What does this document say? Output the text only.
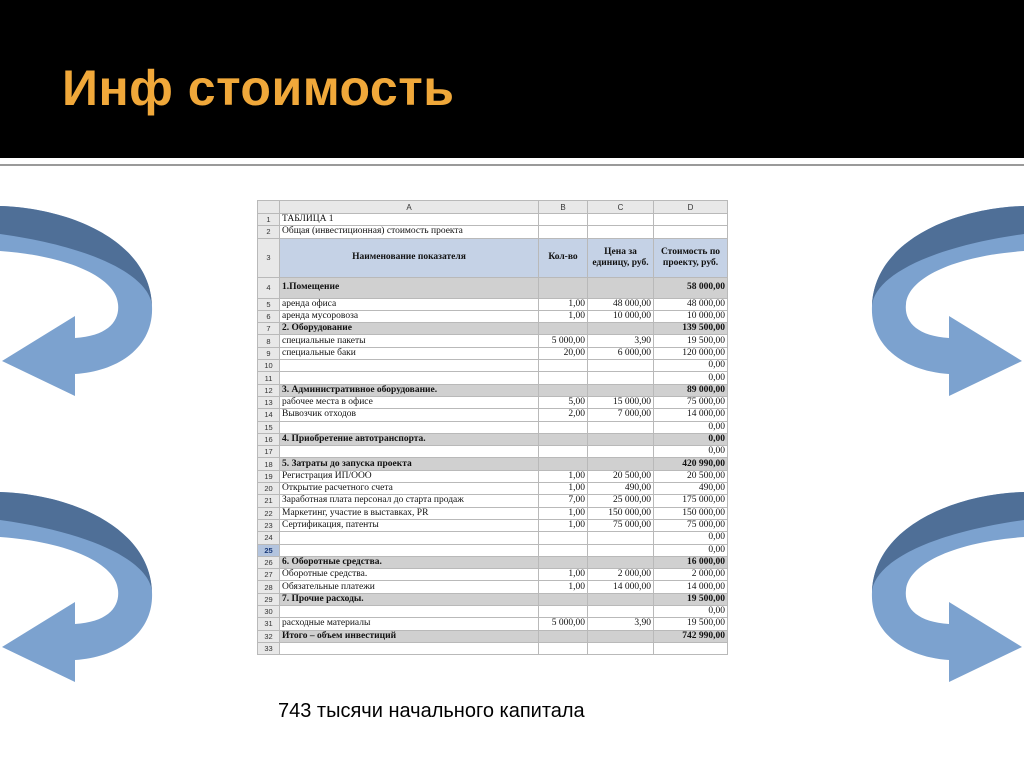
Инф стоимость
	A	B	C	D
1	ТАБЛИЦА 1			
2	Общая (инвестиционная) стоимость проекта			
3	Наименование показателя	Кол-во	Цена за единицу, руб.	Стоимость по проекту, руб.
4	1.Помещение			58 000,00
5	аренда офиса	1,00	48 000,00	48 000,00
6	аренда мусоровоза	1,00	10 000,00	10 000,00
7	2. Оборудование			139 500,00
8	специальные пакеты	5 000,00	3,90	19 500,00
9	специальные баки	20,00	6 000,00	120 000,00
10				0,00
11				0,00
12	3. Административное оборудование.			89 000,00
13	рабочее места в офисе	5,00	15 000,00	75 000,00
14	Вывозчик отходов	2,00	7 000,00	14 000,00
15				0,00
16	4. Приобретение автотранспорта.			0,00
17				0,00
18	5. Затраты до запуска проекта			420 990,00
19	Регистрация ИП/ООО	1,00	20 500,00	20 500,00
20	Открытие расчетного счета	1,00	490,00	490,00
21	Заработная плата персонал до старта продаж	7,00	25 000,00	175 000,00
22	Маркетинг, участие в выставках, PR	1,00	150 000,00	150 000,00
23	Сертификация, патенты	1,00	75 000,00	75 000,00
24				0,00
25				0,00
26	6. Оборотные средства.			16 000,00
27	Оборотные средства.	1,00	2 000,00	2 000,00
28	Обязательные платежи	1,00	14 000,00	14 000,00
29	7. Прочие расходы.			19 500,00
30				0,00
31	расходные материалы	5 000,00	3,90	19 500,00
32	Итого – объем инвестиций			742 990,00
33				
743 тысячи начального капитала
